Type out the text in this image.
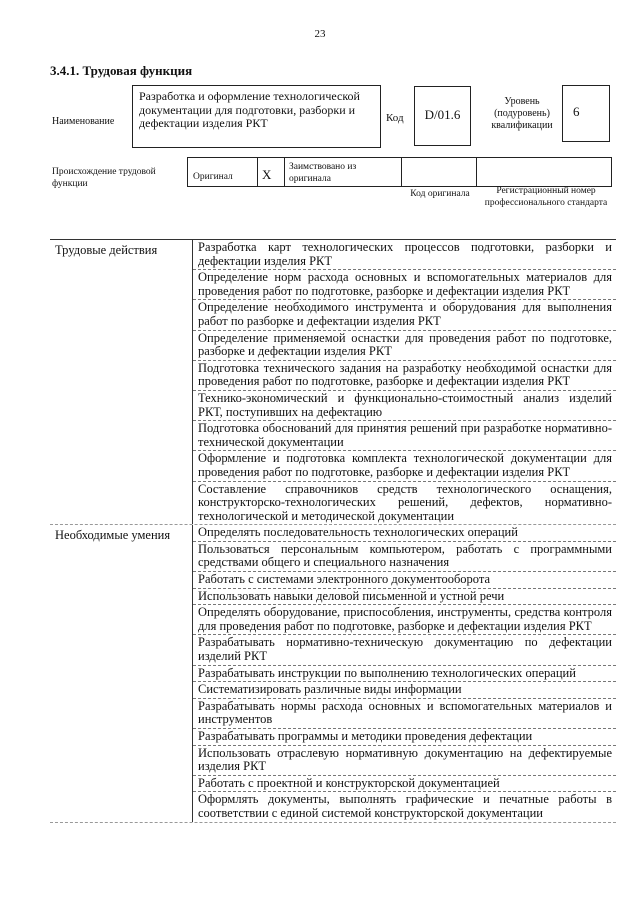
23
3.4.1. Трудовая функция
Наименование
Разработка и оформление технологической документации для подготовки, разборки и дефектации изделия РКТ	Код	D/01.6
Уровень (подуровень) квалификации
6
Происхождение трудовой функции
Оригинал X Заимствовано из оригинала
Код оригинала	Регистрационный номер профессионального стандарта
Трудовые действия	Разработка карт технологических процессов подготовки, разборки и дефектации изделия РКТ
Определение норм расхода основных и вспомогательных материалов для проведения работ по подготовке, разборке и дефектации изделия РКТ
Определение необходимого инструмента и оборудования для выполнения работ по разборке и дефектации изделия РКТ
Определение применяемой оснастки для проведения работ по подготовке, разборке и дефектации изделия РКТ
Подготовка технического задания на разработку необходимой оснастки для проведения работ по подготовке, разборке и дефектации изделия РКТ
Технико-экономический и функционально-стоимостный анализ изделий РКТ, поступивших на дефектацию
Подготовка обоснований для принятия решений при разработке нормативно-технической документации
Оформление и подготовка комплекта технологической документации для проведения работ по подготовке, разборке и дефектации изделия РКТ
Составление справочников средств технологического оснащения, конструкторско-технологических решений, дефектов, нормативно-технологической и методической документации
Необходимые умения	Определять последовательность технологических операций
Пользоваться персональным компьютером, работать с программными средствами общего и специального назначения
Работать с системами электронного документооборота
Использовать навыки деловой письменной и устной речи
Определять оборудование, приспособления, инструменты, средства контроля для проведения работ по подготовке, разборке и дефектации изделия РКТ
Разрабатывать нормативно-техническую документацию по дефектации изделий РКТ
Разрабатывать инструкции по выполнению технологических операций
Систематизировать различные виды информации
Разрабатывать нормы расхода основных и вспомогательных материалов и инструментов
Разрабатывать программы и методики проведения дефектации
Использовать отраслевую нормативную документацию на дефектируемые изделия РКТ
Работать с проектной и конструкторской документацией
Оформлять документы, выполнять графические и печатные работы в соответствии с единой системой конструкторской документации
